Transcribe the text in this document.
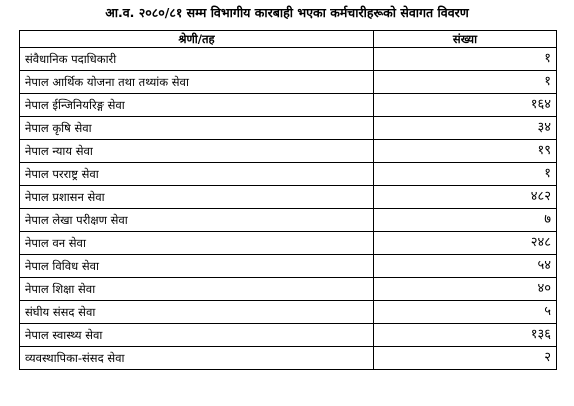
आ.व. २०८०/८१ सम्म विभागीय कारबाही भएका कर्मचारीहरूको सेवागत विवरण
श्रेणी/तह	संख्या
संवैधानिक पदाधिकारी	१
नेपाल आर्थिक योजना तथा तथ्यांक सेवा	१
नेपाल ईन्जिनियरिङ्ग सेवा	१६४
नेपाल कृषि सेवा	३४
नेपाल न्याय सेवा	१९
नेपाल परराष्ट्र सेवा	१
नेपाल प्रशासन सेवा	४८२
नेपाल लेखा परीक्षण सेवा	७
नेपाल वन सेवा	२४८
नेपाल विविध सेवा	५४
नेपाल शिक्षा सेवा	४०
संघीय संसद सेवा	५
नेपाल स्वास्थ्य सेवा	१३६
व्यवस्थापिका-संसद सेवा	२
